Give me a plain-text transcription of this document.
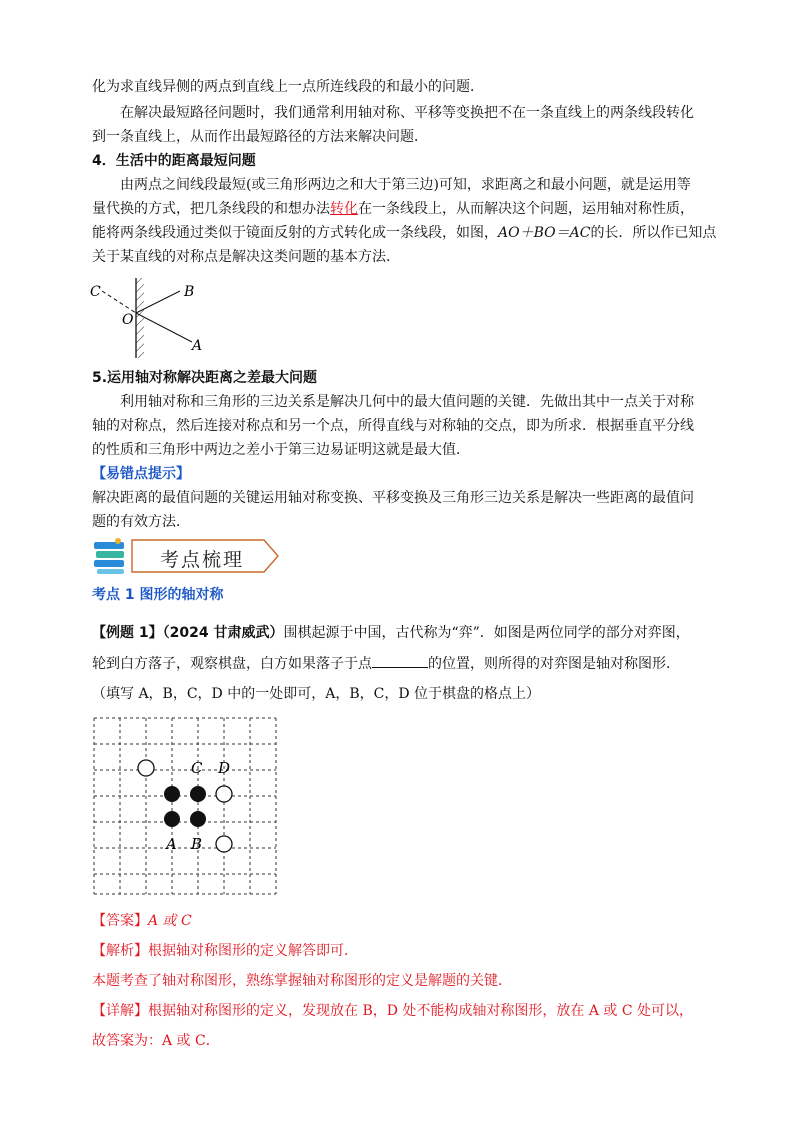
化为求直线异侧的两点到直线上一点所连线段的和最小的问题．
在解决最短路径问题时，我们通常利用轴对称、平移等变换把不在一条直线上的两条线段转化
到一条直线上，从而作出最短路径的方法来解决问题．
4．生活中的距离最短问题
由两点之间线段最短(或三角形两边之和大于第三边)可知，求距离之和最小问题，就是运用等
量代换的方式，把几条线段的和想办法转化在一条线段上，从而解决这个问题，运用轴对称性质，
能将两条线段通过类似于镜面反射的方式转化成一条线段，如图，AO＋BO＝AC的长．所以作已知点
关于某直线的对称点是解决这类问题的基本方法．
C	B
O
A
5.运用轴对称解决距离之差最大问题
利用轴对称和三角形的三边关系是解决几何中的最大值问题的关键．先做出其中一点关于对称
轴的对称点，然后连接对称点和另一个点，所得直线与对称轴的交点，即为所求．根据垂直平分线
的性质和三角形中两边之差小于第三边易证明这就是最大值．
【易错点提示】
解决距离的最值问题的关键运用轴对称变换、平移变换及三角形三边关系是解决一些距离的最值问
题的有效方法．
考点梳理
考点 1 图形的轴对称
【例题 1】（2024 甘肃威武）围棋起源于中国，古代称为“弈”．如图是两位同学的部分对弈图，
轮到白方落子，观察棋盘，白方如果落子于点	的位置，则所得的对弈图是轴对称图形．
（填写 A，B，C，D 中的一处即可，A，B，C，D 位于棋盘的格点上）
C D
A B
【答案】A 或 C
【解析】根据轴对称图形的定义解答即可．
本题考查了轴对称图形，熟练掌握轴对称图形的定义是解题的关键．
【详解】根据轴对称图形的定义，发现放在 B，D 处不能构成轴对称图形，放在 A 或 C 处可以，
故答案为：A 或 C．
